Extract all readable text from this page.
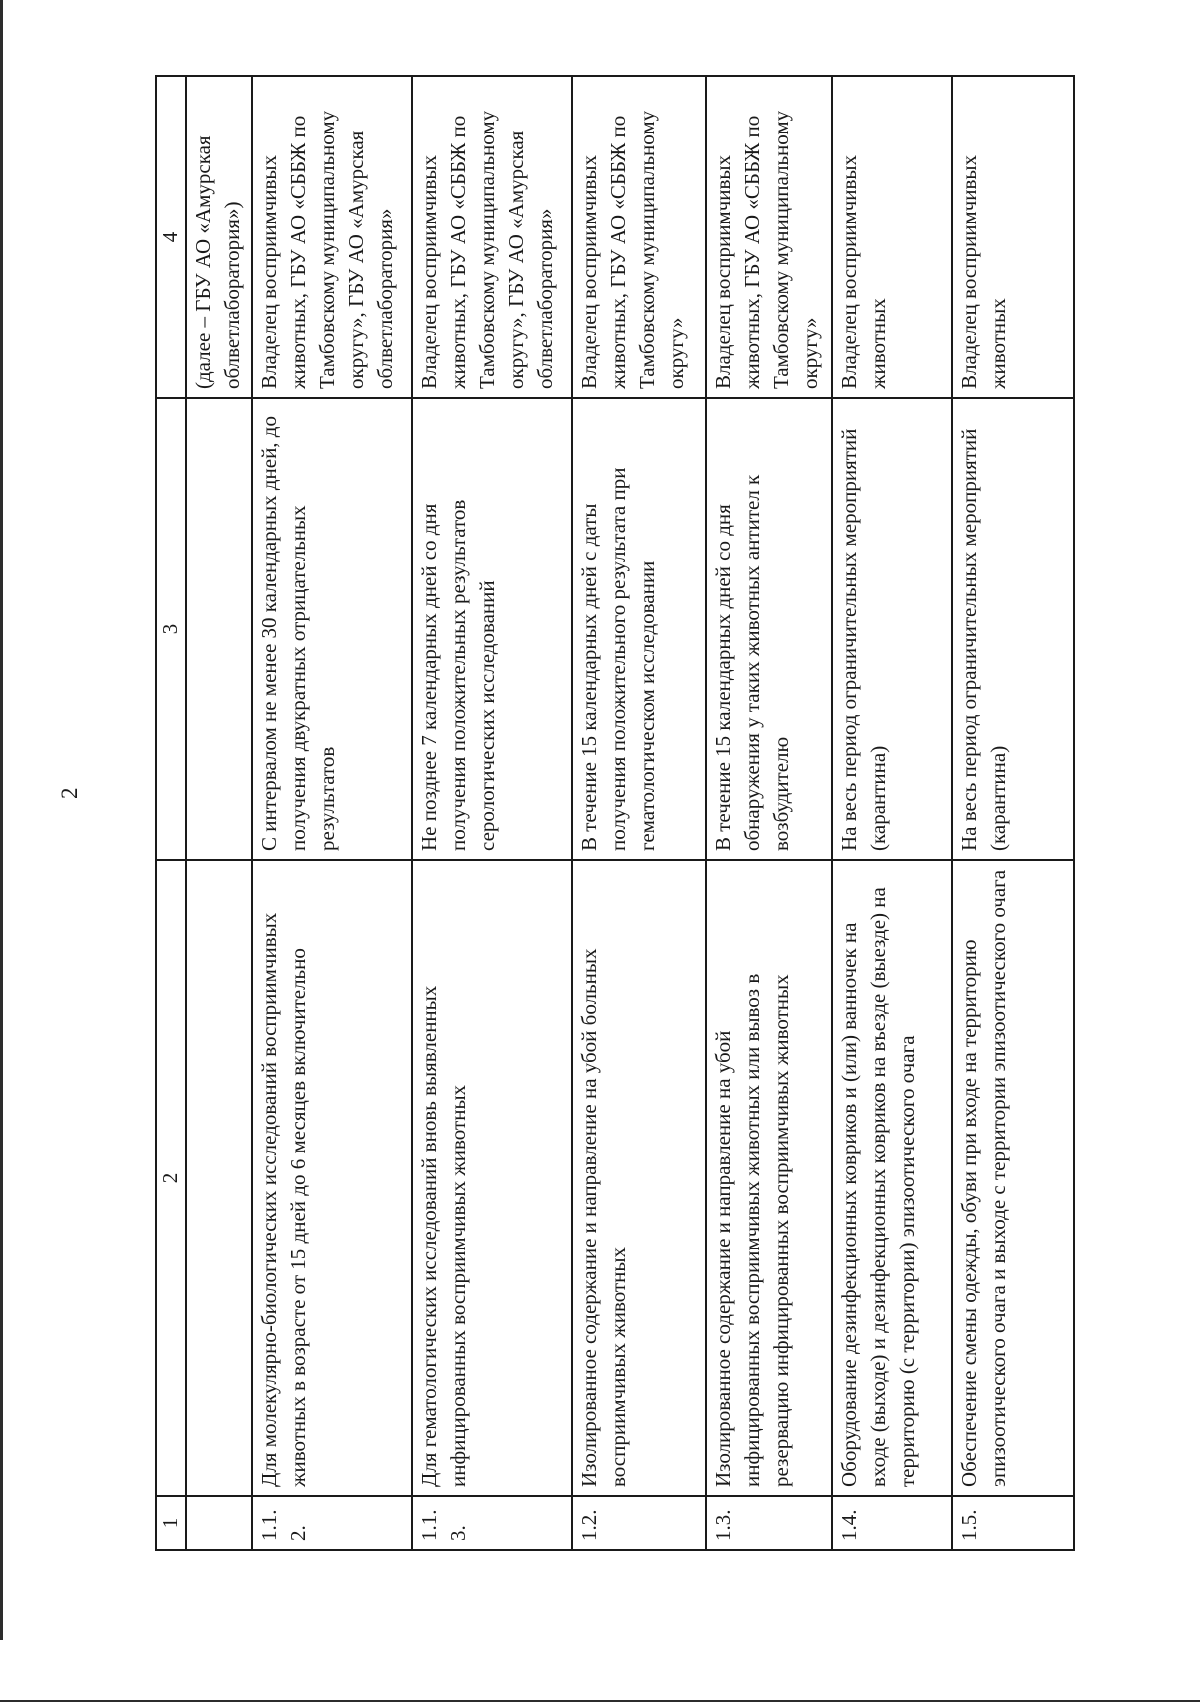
2
1	2	3	4
			(далее – ГБУ АО «Амурская облветлаборатория»)
1.1.2.	Для молекулярно-биологических исследований восприимчивых животных в возрасте от 15 дней до 6 месяцев включительно	С интервалом не менее 30 календарных дней, до получения двукратных отрицательных результатов	Владелец восприимчивых животных, ГБУ АО «СББЖ по Тамбовскому муниципальному округу», ГБУ АО «Амурская облветлаборатория»
1.1.3.	Для гематологических исследований вновь выявленных инфицированных восприимчивых животных	Не позднее 7 календарных дней со дня получения положительных результатов серологических исследований	Владелец восприимчивых животных, ГБУ АО «СББЖ по Тамбовскому муниципальному округу», ГБУ АО «Амурская облветлаборатория»
1.2.	Изолированное содержание и направление на убой больных восприимчивых животных	В течение 15 календарных дней с даты получения положительного результата при гематологическом исследовании	Владелец восприимчивых животных, ГБУ АО «СББЖ по Тамбовскому муниципальному округу»
1.3.	Изолированное содержание и направление на убой инфицированных восприимчивых животных или вывоз в резервацию инфицированных восприимчивых животных	В течение 15 календарных дней со дня обнаружения у таких животных антител к возбудителю	Владелец восприимчивых животных, ГБУ АО «СББЖ по Тамбовскому муниципальному округу»
1.4.	Оборудование дезинфекционных ковриков и (или) ванночек на входе (выходе) и дезинфекционных ковриков на въезде (выезде) на территорию (с территории) эпизоотического очага	На весь период ограничительных мероприятий (карантина)	Владелец восприимчивых животных
1.5.	Обеспечение смены одежды, обуви при входе на территорию эпизоотического очага и выходе с территории эпизоотического очага	На весь период ограничительных мероприятий (карантина)	Владелец восприимчивых животных
